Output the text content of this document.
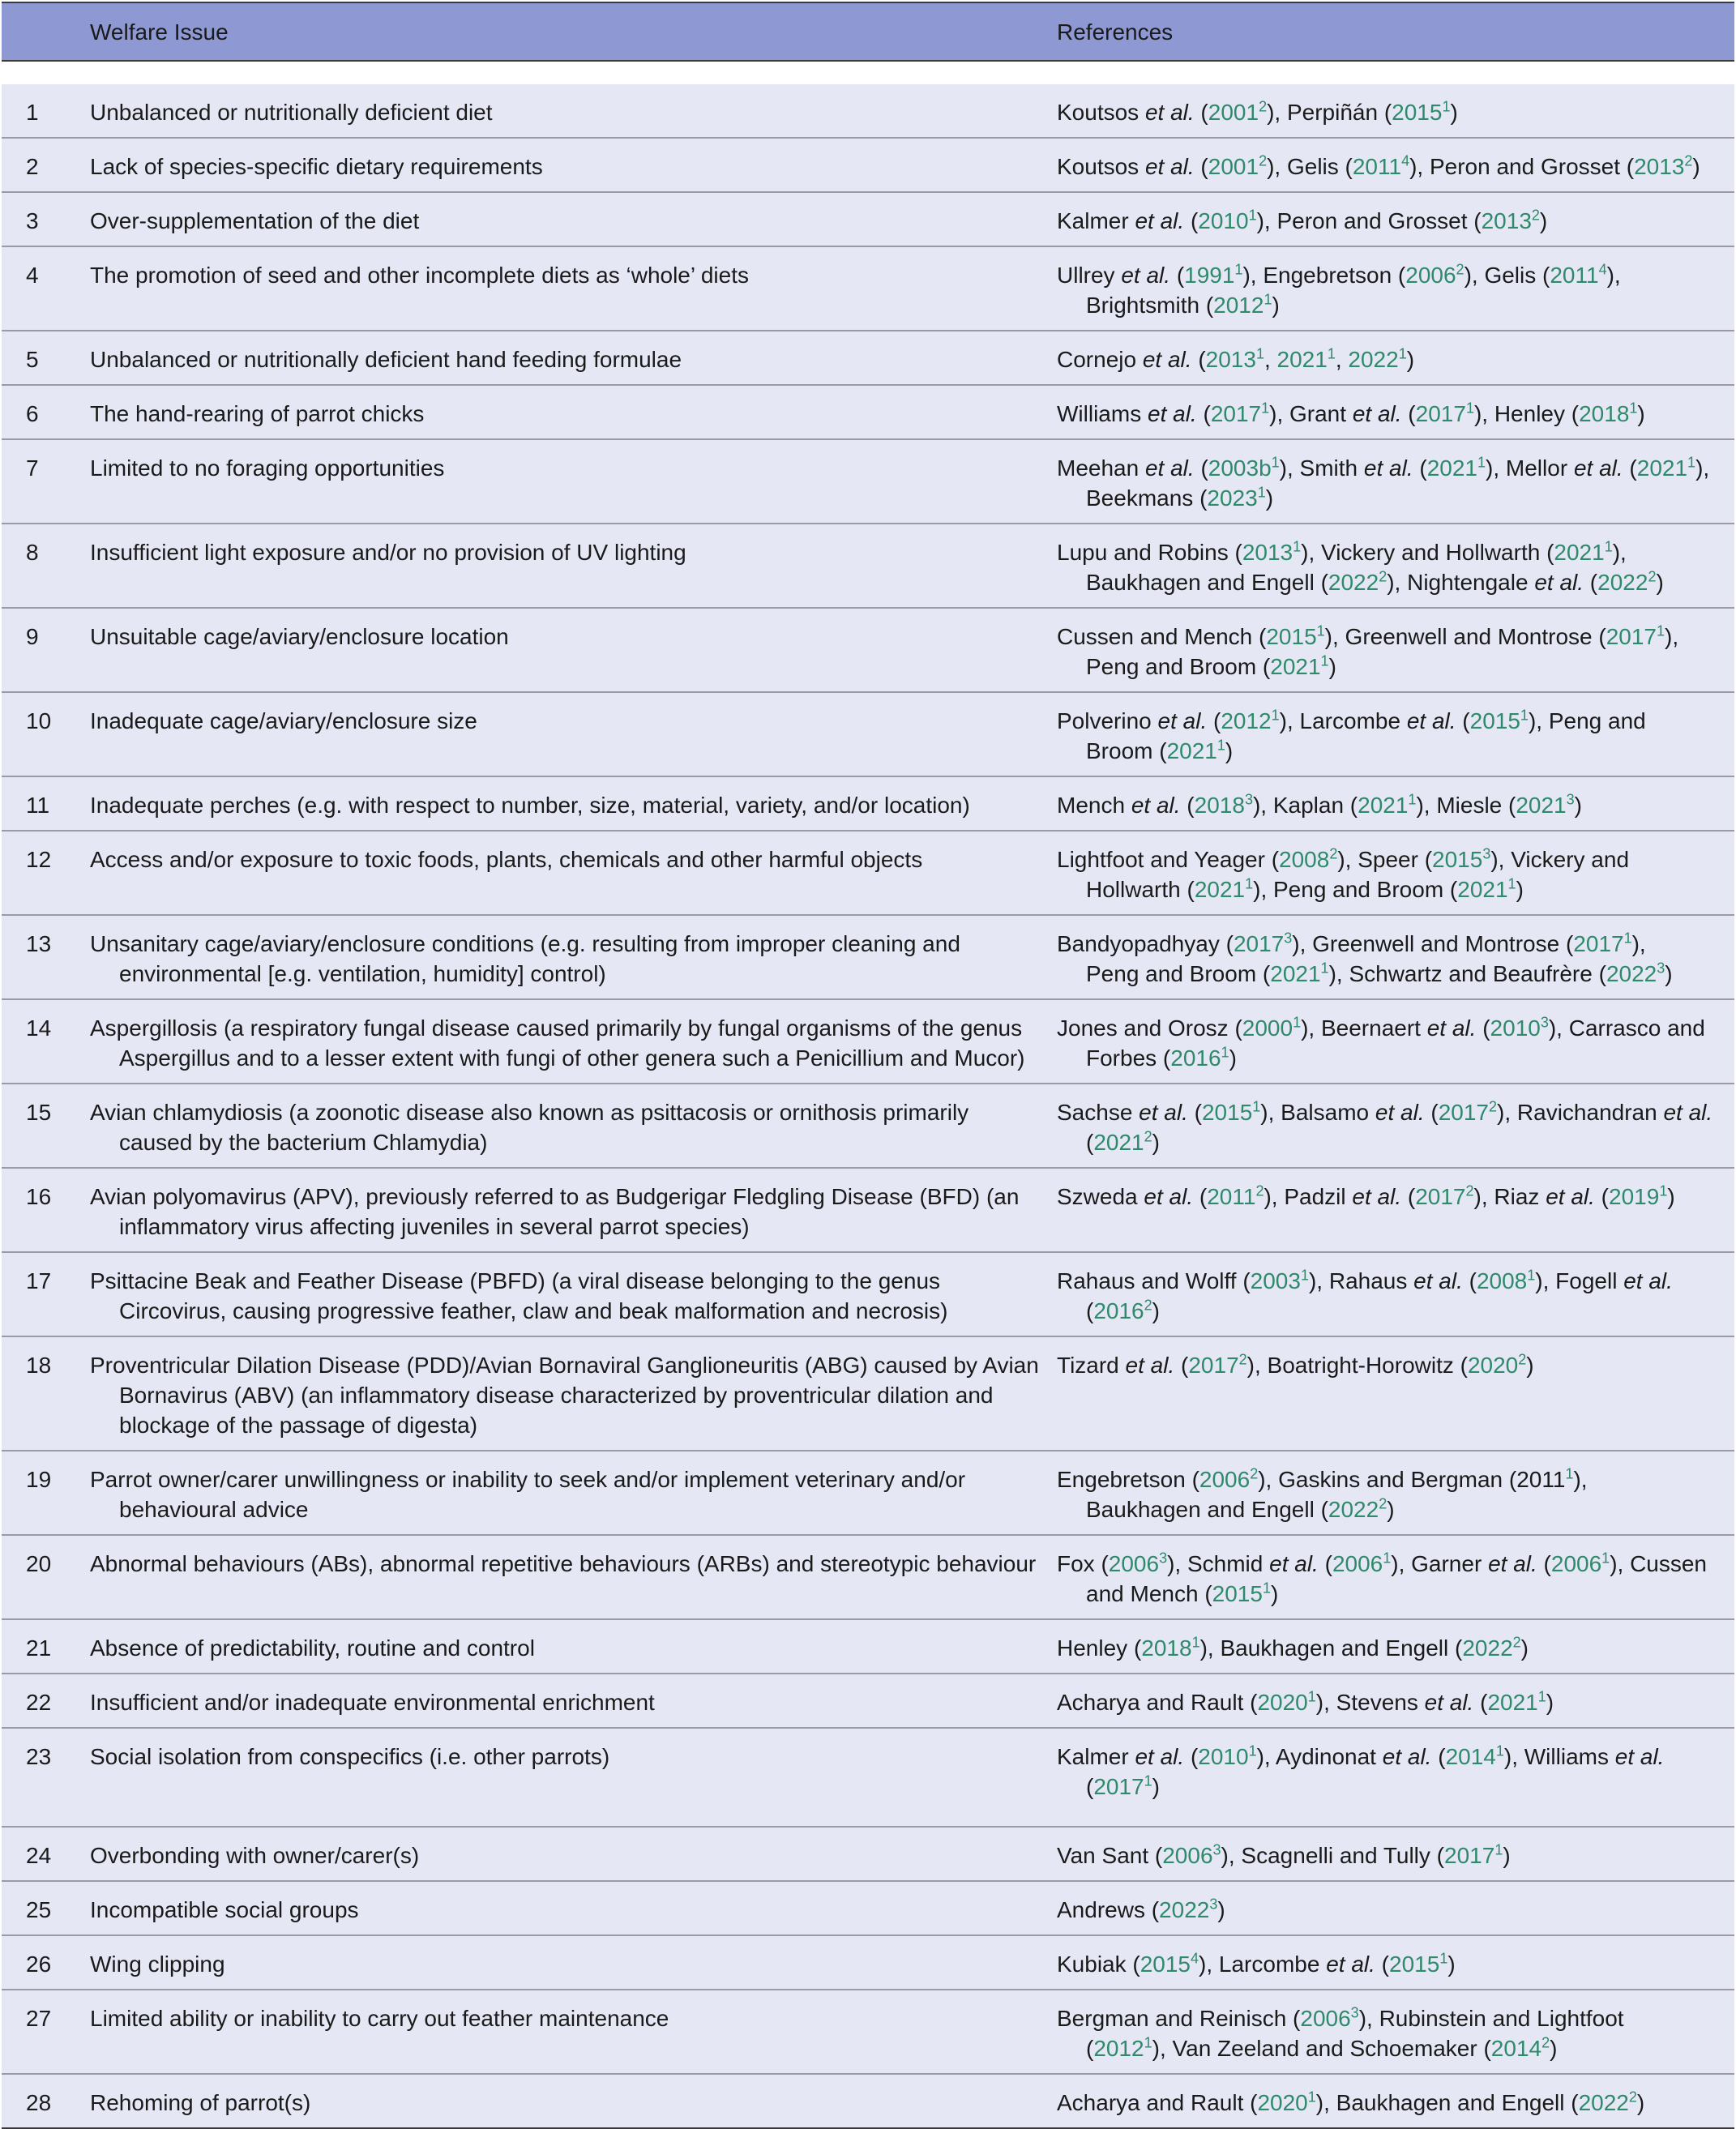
	Welfare Issue	References

1	Unbalanced or nutritionally deficient diet	Koutsos et al. (2001$^2$), Perpiñán (2015$^1$)
2	Lack of species-specific dietary requirements	Koutsos et al. (2001$^2$), Gelis (2011$^4$), Peron and Grosset (2013$^2$)
3	Over-supplementation of the diet	Kalmer et al. (2010$^1$), Peron and Grosset (2013$^2$)
4	The promotion of seed and other incomplete diets as ‘whole’ diets	Ullrey et al. (1991$^1$), Engebretson (2006$^2$), Gelis (2011$^4$),
Brightsmith (2012$^1$)
5	Unbalanced or nutritionally deficient hand feeding formulae	Cornejo et al. (2013$^1$, 2021$^1$, 2022$^1$)
6	The hand-rearing of parrot chicks	Williams et al. (2017$^1$), Grant et al. (2017$^1$), Henley (2018$^1$)
7	Limited to no foraging opportunities	Meehan et al. $(2003b^1)$, Smith et al. (2021$^1$), Mellor et al. (2021$^1$),
Beekmans (2023$^1$)
8	Insufficient light exposure and/or no provision of UV lighting	Lupu and Robins (2013$^1$), Vickery and Hollwarth (2021$^1$),
Baukhagen and Engell (2022$^2$), Nightengale et al. (2022$^2$)
9	Unsuitable cage/aviary/enclosure location	Cussen and Mench (2015$^1$), Greenwell and Montrose (2017$^1$),
Peng and Broom (2021$^1$)
10	Inadequate cage/aviary/enclosure size	Polverino et al. (2012$^1$), Larcombe et al. (2015$^1$), Peng and
Broom (2021$^1$)
11	Inadequate perches (e.g. with respect to number, size, material, variety, and/or location)	Mench et al. (2018$^3$), Kaplan (2021$^1$), Miesle (2021$^3$)
12	Access and/or exposure to toxic foods, plants, chemicals and other harmful objects	Lightfoot and Yeager (2008$^2$), Speer (2015$^3$), Vickery and
Hollwarth (2021$^1$), Peng and Broom (2021$^1$)
13	Unsanitary cage/aviary/enclosure conditions (e.g. resulting from improper cleaning and environmental [e.g. ventilation, humidity] control)	Bandyopadhyay (2017$^3$), Greenwell and Montrose (2017$^1$),
Peng and Broom (2021$^1$), Schwartz and Beaufrère (2022$^3$)
14	Aspergillosis (a respiratory fungal disease caused primarily by fungal organisms of the genus Aspergillus and to a lesser extent with fungi of other genera such a Penicillium and Mucor)	Jones and Orosz (2000$^1$), Beernaert et al. (2010$^3$), Carrasco and
Forbes (2016$^1$)
15	Avian chlamydiosis (a zoonotic disease also known as psittacosis or ornithosis primarily caused by the bacterium Chlamydia)	Sachse et al. (2015$^1$), Balsamo et al. (2017$^2$), Ravichandran et al.
(2021$^2$)
16	Avian polyomavirus (APV), previously referred to as Budgerigar Fledgling Disease (BFD) (an inflammatory virus affecting juveniles in several parrot species)	Szweda et al. (2011$^2$), Padzil et al. (2017$^2$), Riaz et al. (2019$^1$)
17	Psittacine Beak and Feather Disease (PBFD) (a viral disease belonging to the genus Circovirus, causing progressive feather, claw and beak malformation and necrosis)	Rahaus and Wolff (2003$^1$), Rahaus et al. (2008$^1$), Fogell et al.
(2016$^2$)
18	Proventricular Dilation Disease (PDD)/Avian Bornaviral Ganglioneuritis (ABG) caused by Avian Bornavirus (ABV) (an inflammatory disease characterized by proventricular dilation and blockage of the passage of digesta)	Tizard et al. (2017$^2$), Boatright-Horowitz (2020$^2$)
19	Parrot owner/carer unwillingness or inability to seek and/or implement veterinary and/or behavioural advice	Engebretson (2006$^2$), Gaskins and Bergman (2011$^1$),
Baukhagen and Engell (2022$^2$)
20	Abnormal behaviours (ABs), abnormal repetitive behaviours (ARBs) and stereotypic behaviour	Fox (2006$^3$), Schmid et al. (2006$^1$), Garner et al. (2006$^1$), Cussen
and Mench (2015$^1$)
21	Absence of predictability, routine and control	Henley (2018$^1$), Baukhagen and Engell (2022$^2$)
22	Insufficient and/or inadequate environmental enrichment	Acharya and Rault (2020$^1$), Stevens et al. (2021$^1$)
23	Social isolation from conspecifics (i.e. other parrots)	Kalmer et al. (2010$^1$), Aydinonat et al. (2014$^1$), Williams et al.
(2017$^1$)
24	Overbonding with owner/carer(s)	Van Sant (2006$^3$), Scagnelli and Tully (2017$^1$)
25	Incompatible social groups	Andrews (2022$^3$)
26	Wing clipping	Kubiak (2015$^4$), Larcombe et al. (2015$^1$)
27	Limited ability or inability to carry out feather maintenance	Bergman and Reinisch (2006$^3$), Rubinstein and Lightfoot
(2012$^1$), Van Zeeland and Schoemaker (2014$^2$)
28	Rehoming of parrot(s)	Acharya and Rault (2020$^1$), Baukhagen and Engell (2022$^2$)
